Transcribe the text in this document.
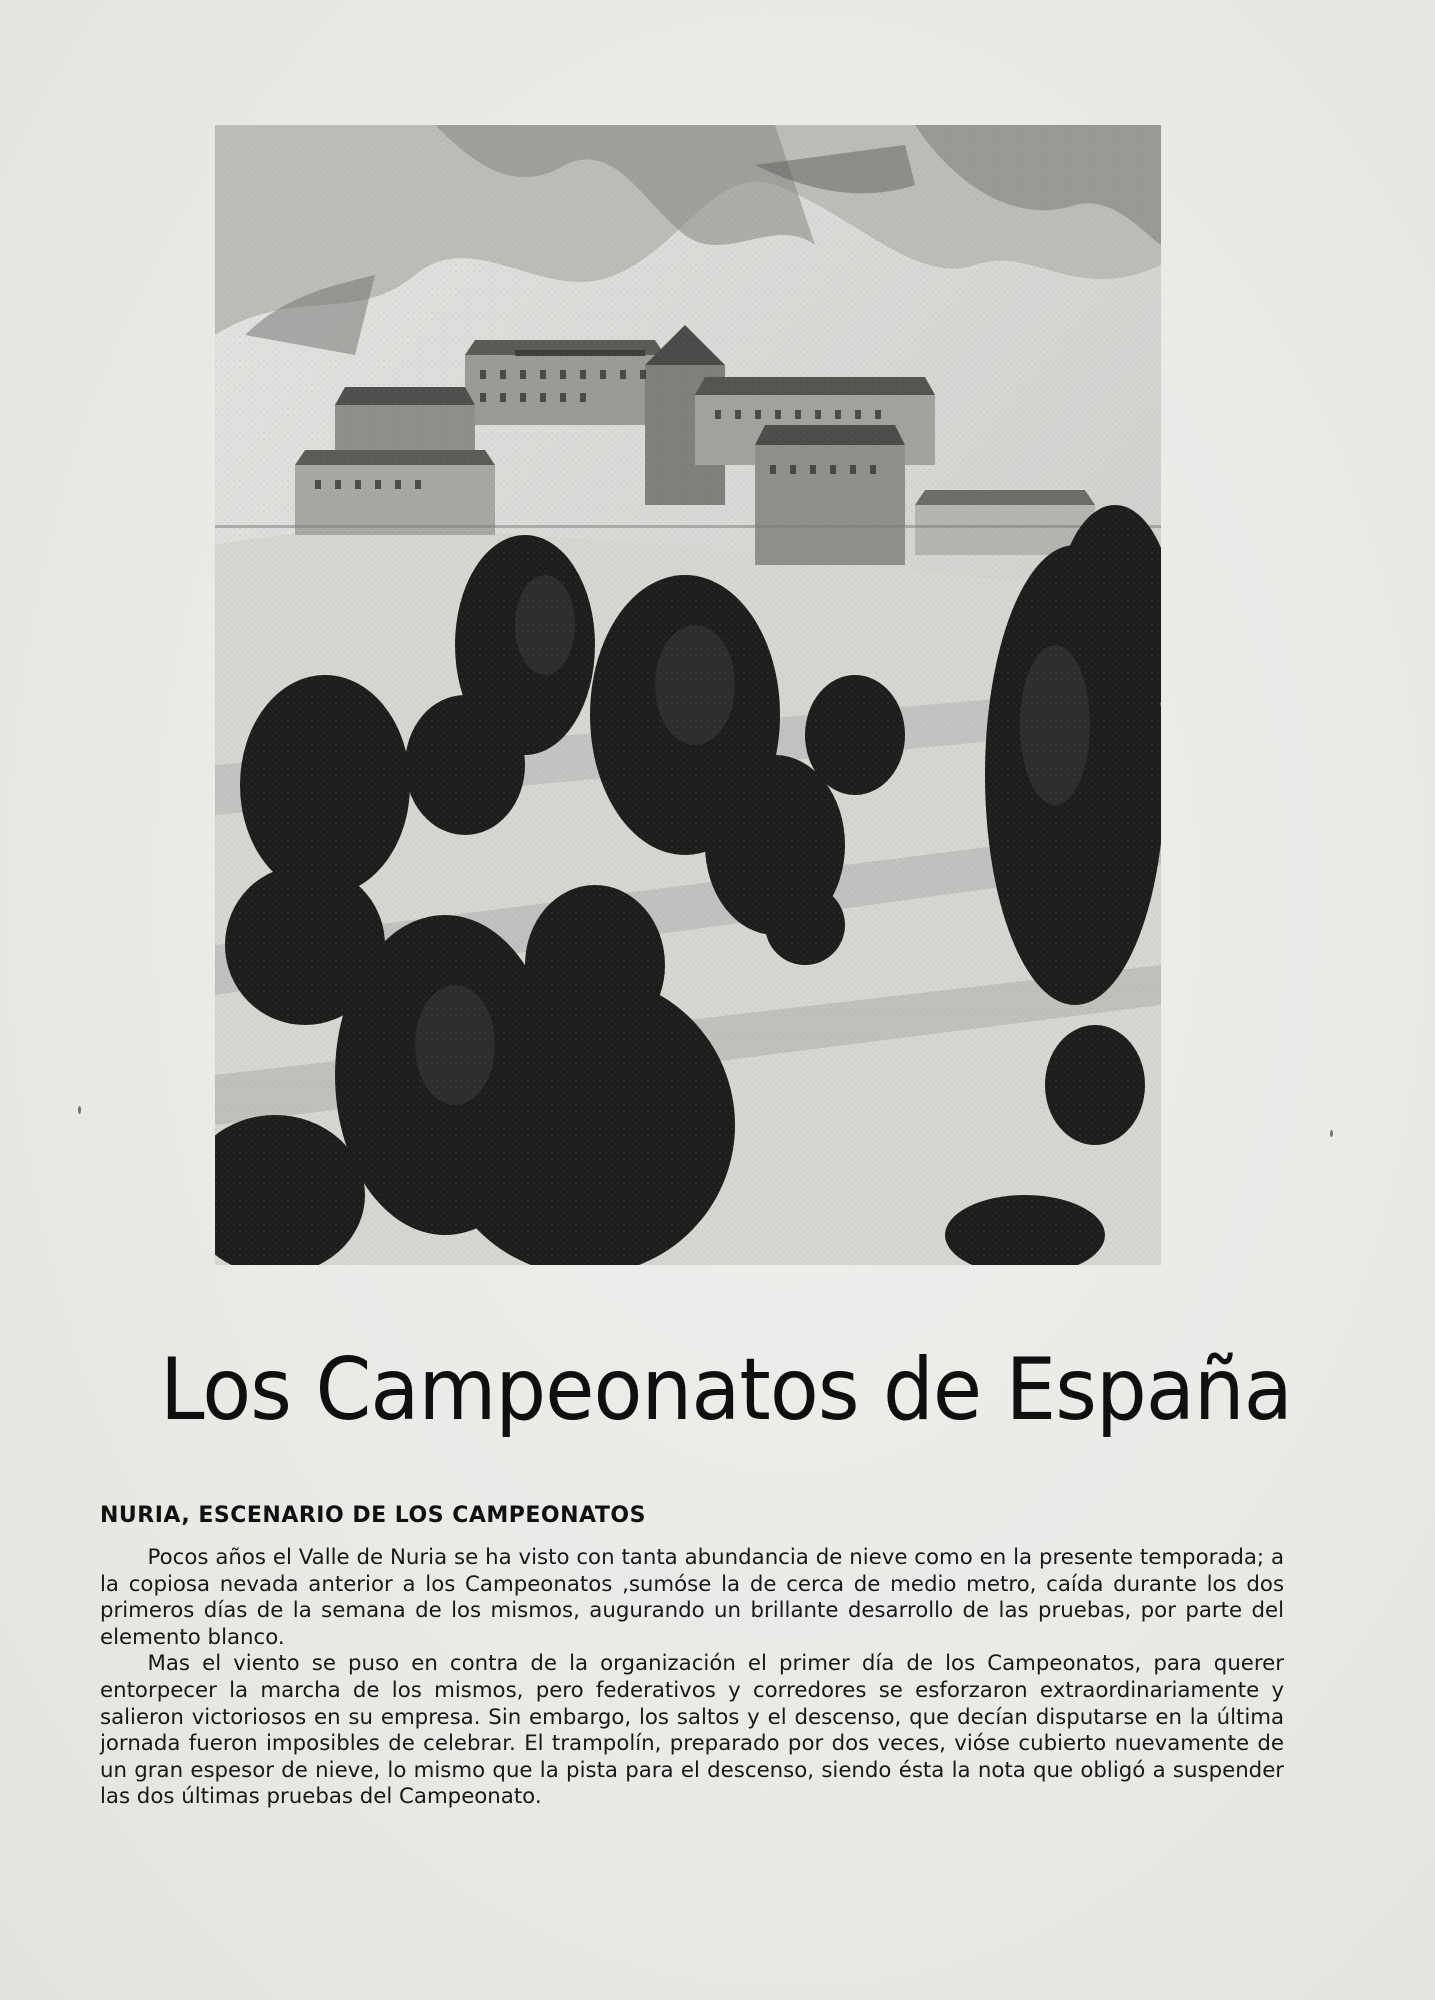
Los Campeonatos de España
NURIA, ESCENARIO DE LOS CAMPEONATOS

Pocos años el Valle de Nuria se ha visto con tanta abundancia de nieve como en la presente temporada; a la copiosa nevada anterior a los Campeonatos ,sumóse la de cerca de medio metro, caída durante los dos primeros días de la semana de los mismos, augurando un brillante desarrollo de las pruebas, por parte del elemento blanco.

Mas el viento se puso en contra de la organización el primer día de los Campeonatos, para querer entorpecer la marcha de los mismos, pero federativos y corredores se esforzaron extraordinariamente y salieron victoriosos en su empresa. Sin embargo, los saltos y el descenso, que decían disputarse en la última jornada fueron imposibles de celebrar. El trampolín, preparado por dos veces, vióse cubierto nuevamente de un gran espesor de nieve, lo mismo que la pista para el descenso, siendo ésta la nota que obligó a suspender las dos últimas pruebas del Campeonato.
